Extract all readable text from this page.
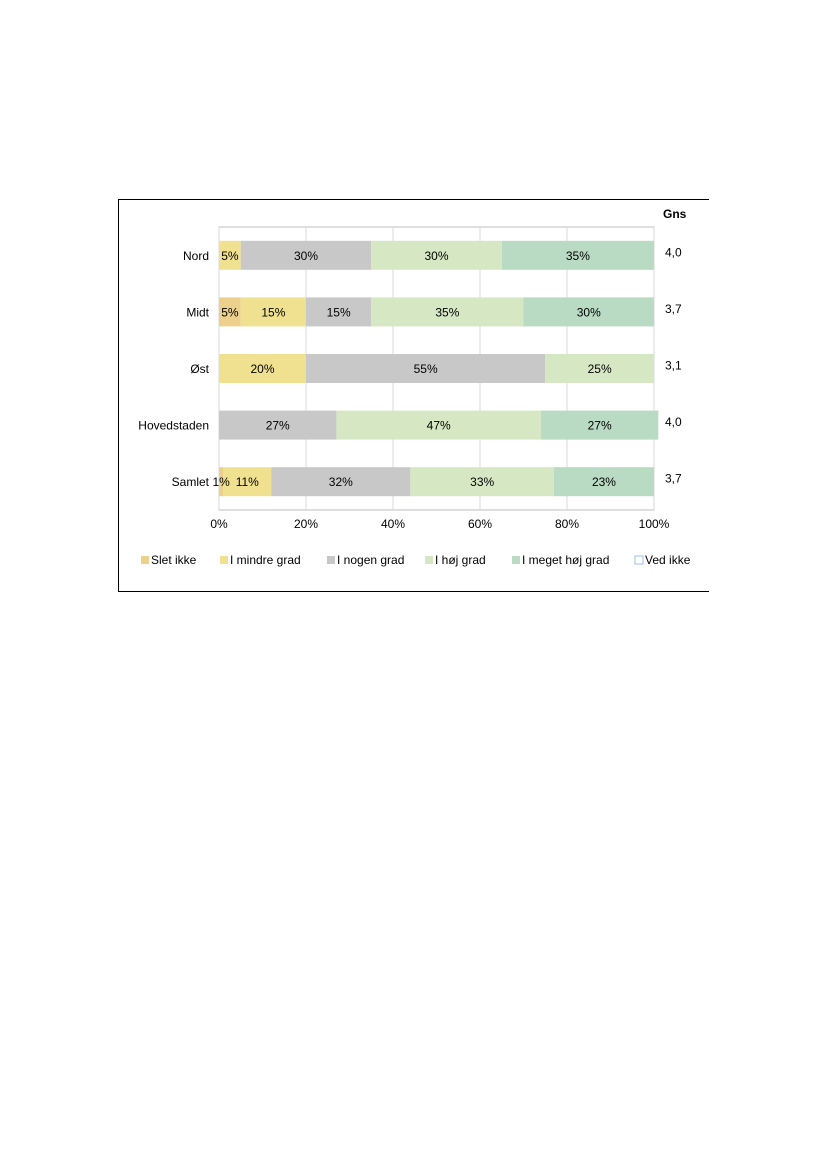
5%	30%	30%	35%
5% 15%	15%	35%	30%
20%	55%	25%
27%	47%	27%
1% 11%	32%	33%	23%
0%	20%	40%	60%	80%	100%
Nord	4,0
Midt	3,7
Øst	3,1
Hovedstaden	4,0
Samlet	3,7
Slet ikke	I mindre grad	I nogen grad	I høj grad	I meget høj grad	Ved ikke
Gns
